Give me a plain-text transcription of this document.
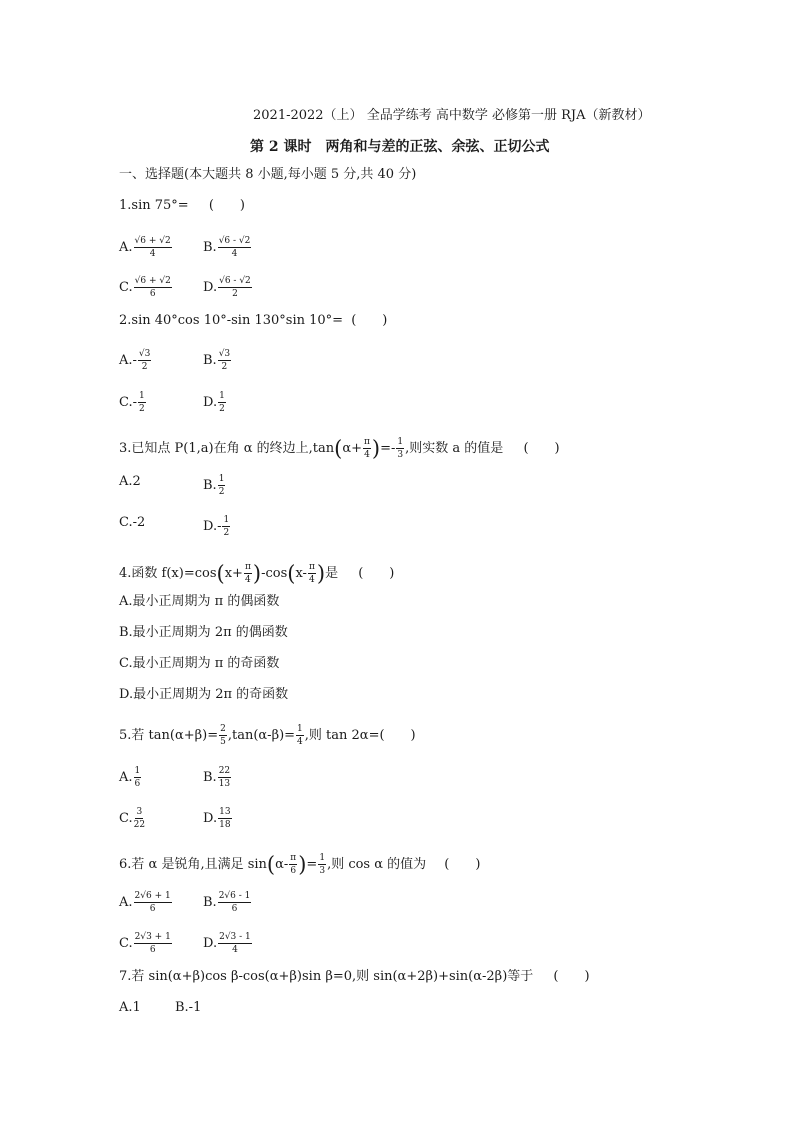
2021-2022（上） 全品学练考 高中数学 必修第一册 RJA（新教材）
第 2 课时　两角和与差的正弦、余弦、正切公式
一、选择题(本大题共 8 小题,每小题 5 分,共 40 分)
1.sin 75°= (　　)
A. $\frac{√6 + √2}{4} B$. $\frac{√6 - √2}{4}$
C. $\frac{√6 + √2}{6} D$. $\frac{√6 - √2}{2}$
2.sin 40°cos 10°-sin 130°sin 10°= (　　)
$A.- \frac{√3}{2}$	B. $\frac{√3}{2}$
$C.- \frac{1}{2}$	D. $\frac{1}{2}$
3.已知点 P(1,a)在角 α 的终边上$,\tan(\alpha+ \frac{\pi}{4}$ )=- $\frac{1}{3}$ ,则实数 a 的值是 (　　)
A.2	B. $\frac{1}{2}$
C.-2	$D.- \frac{1}{2}$
4.函数 $f(x)=\cos(x+ \frac{\pi}{4} )-\cos(x- \frac{\pi}{4}$ )是 (　　)
A.最小正周期为 π 的偶函数
B.最小正周期为 2π 的偶函数
C.最小正周期为 π 的奇函数
D.最小正周期为 2π 的奇函数
5.若 $\tan(\alpha+\beta)= \frac{2}{5} ,\tan(\alpha-\beta)= \frac{1}{4}$ ,则 tan 2α=(　　)
A. $\frac{1}{6}$	B. $\frac{22}{13}$
C. $\frac{3}{22}$	D. $\frac{13}{18}$
6.若 α 是锐角,且满足 $\sin(\alpha- \frac{\pi}{6}$ )= $\frac{1}{3}$ ,则 cos α 的值为 (　　)
A. $\frac{2√6 + 1}{6} B$. $\frac{2√6 - 1}{6}$
C. $\frac{2√3 + 1}{6} D$. $\frac{2√3 - 1}{4}$
7.若 sin(α+β)cos β-cos(α+β)sin β=0,则 sin(α+2β)+sin(α-2β)等于 (　　)
A.1	B.-1
